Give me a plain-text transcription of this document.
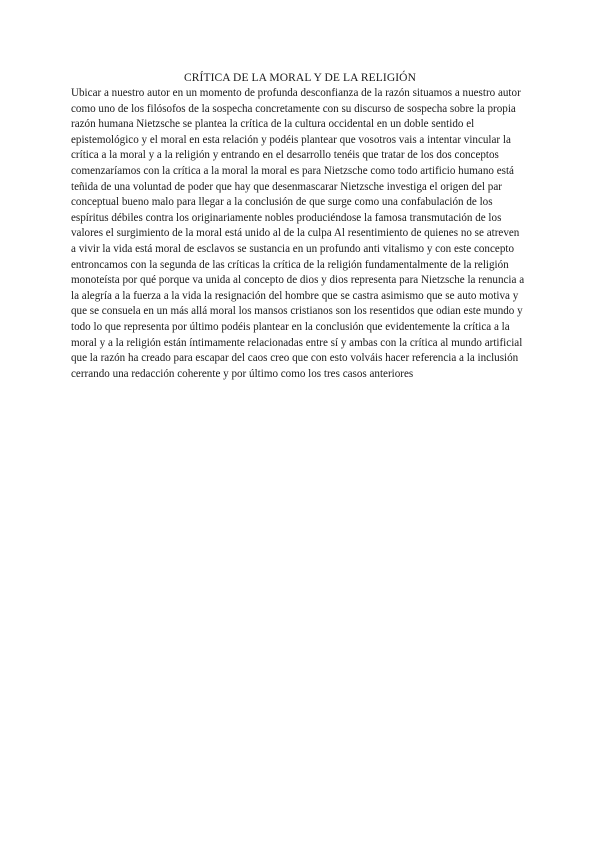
CRÍTICA DE LA MORAL Y DE LA RELIGIÓN
Ubicar a nuestro autor en un momento de profunda desconfianza de la razón situamos a nuestro autor
como uno de los filósofos de la sospecha concretamente con su discurso de sospecha sobre la propia
razón humana Nietzsche se plantea la crítica de la cultura occidental en un doble sentido el
epistemológico y el moral en esta relación y podéis plantear que vosotros vais a intentar vincular la
crítica a la moral y a la religión y entrando en el desarrollo tenéis que tratar de los dos conceptos
comenzaríamos con la crítica a la moral la moral es para Nietzsche como todo artificio humano está
teñida de una voluntad de poder que hay que desenmascarar Nietzsche investiga el origen del par
conceptual bueno malo para llegar a la conclusión de que surge como una confabulación de los
espíritus débiles contra los originariamente nobles produciéndose la famosa transmutación de los
valores el surgimiento de la moral está unido al de la culpa Al resentimiento de quienes no se atreven
a vivir la vida está moral de esclavos se sustancia en un profundo anti vitalismo y con este concepto
entroncamos con la segunda de las críticas la crítica de la religión fundamentalmente de la religión
monoteísta por qué porque va unida al concepto de dios y dios representa para Nietzsche la renuncia a
la alegría a la fuerza a la vida la resignación del hombre que se castra asimismo que se auto motiva y
que se consuela en un más allá moral los mansos cristianos son los resentidos que odian este mundo y
todo lo que representa por último podéis plantear en la conclusión que evidentemente la crítica a la
moral y a la religión están íntimamente relacionadas entre sí y ambas con la crítica al mundo artificial
que la razón ha creado para escapar del caos creo que con esto volváis hacer referencia a la inclusión
cerrando una redacción coherente y por último como los tres casos anteriores
